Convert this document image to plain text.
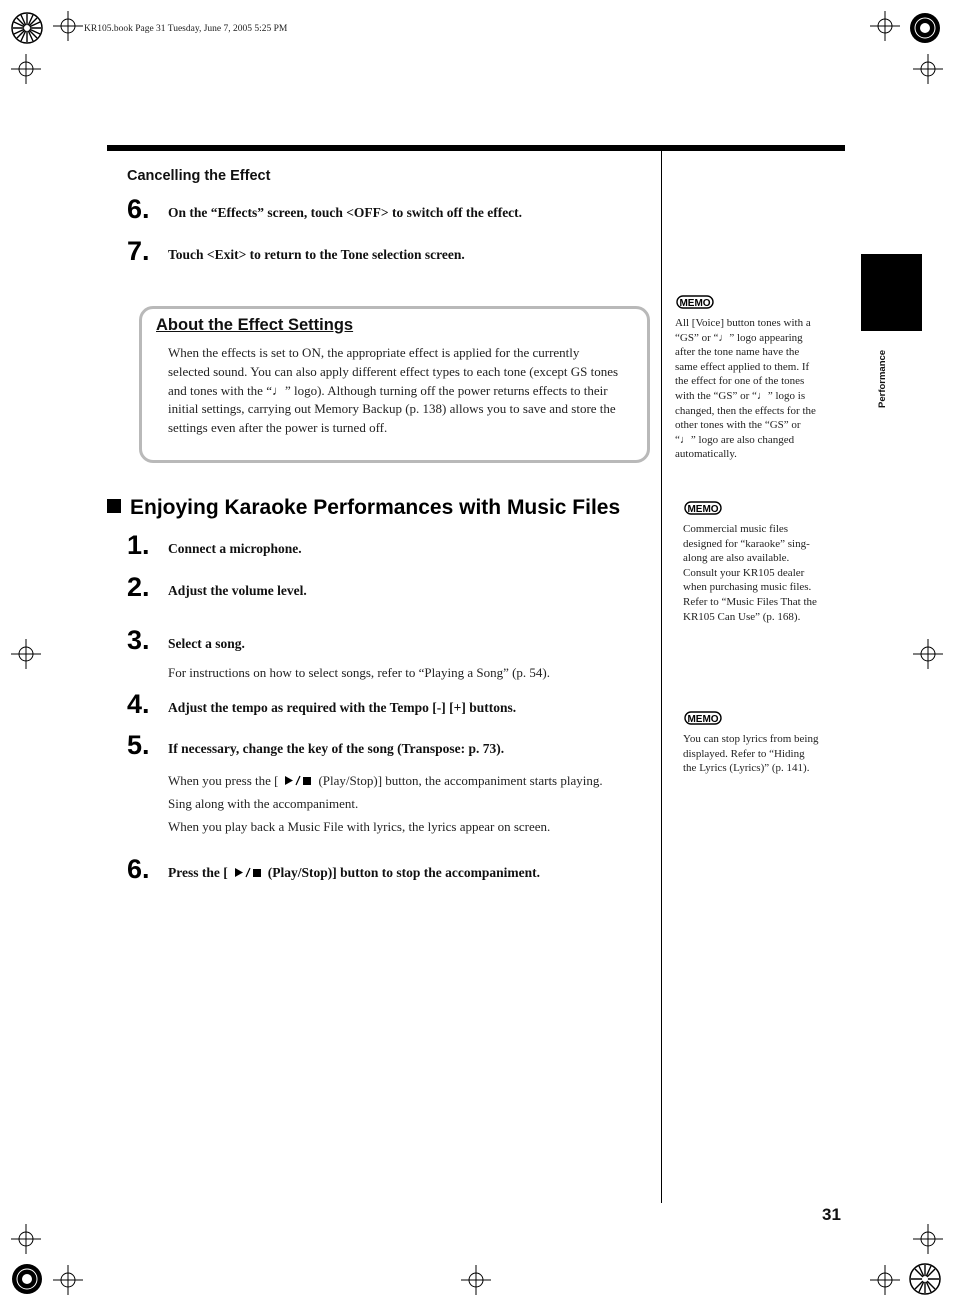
KR105.book Page 31 Tuesday, June 7, 2005 5:25 PM
Performance
Cancelling the Effect
6. On the “Effects” screen, touch <OFF> to switch off the effect.
7. Touch <Exit> to return to the Tone selection screen.
About the Effect Settings
When the effects is set to ON, the appropriate effect is applied for the currently
selected sound. You can also apply different effect types to each tone (except GS tones
and tones with the “♩” logo). Although turning off the power returns effects to their
initial settings, carrying out Memory Backup (p. 138) allows you to save and store the
settings even after the power is turned off.
Enjoying Karaoke Performances with Music Files
1. Connect a microphone.
2. Adjust the volume level.
3. Select a song.
For instructions on how to select songs, refer to “Playing a Song” (p. 54).
4. Adjust the tempo as required with the Tempo [-] [+] buttons.
5. If necessary, change the key of the song (Transpose: p. 73).
When you press the [	(Play/Stop)] button, the accompaniment starts playing.
Sing along with the accompaniment.
When you play back a Music File with lyrics, the lyrics appear on screen.
6. Press the [	(Play/Stop)] button to stop the accompaniment.
MEMO
All [Voice] button tones with a
“GS” or “♩” logo appearing
after the tone name have the
same effect applied to them. If
the effect for one of the tones
with the “GS” or “♩” logo is
changed, then the effects for the
other tones with the “GS” or
“♩” logo are also changed
automatically.
MEMO
Commercial music files
designed for “karaoke” sing-
along are also available.
Consult your KR105 dealer
when purchasing music files.
Refer to “Music Files That the
KR105 Can Use” (p. 168).
MEMO
You can stop lyrics from being
displayed. Refer to “Hiding
the Lyrics (Lyrics)” (p. 141).
31
